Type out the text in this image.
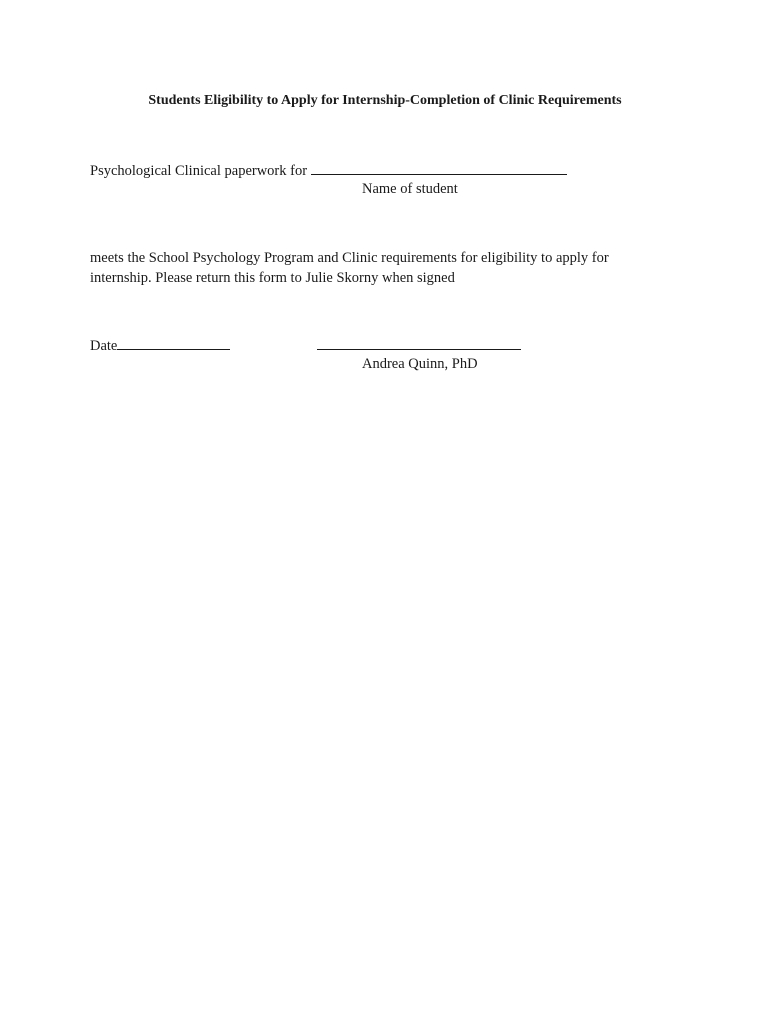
Students Eligibility to Apply for Internship-Completion of Clinic Requirements
Psychological Clinical paperwork for
Name of student
meets the School Psychology Program and Clinic requirements for eligibility to apply for
internship. Please return this form to Julie Skorny when signed
Date
Andrea Quinn, PhD
